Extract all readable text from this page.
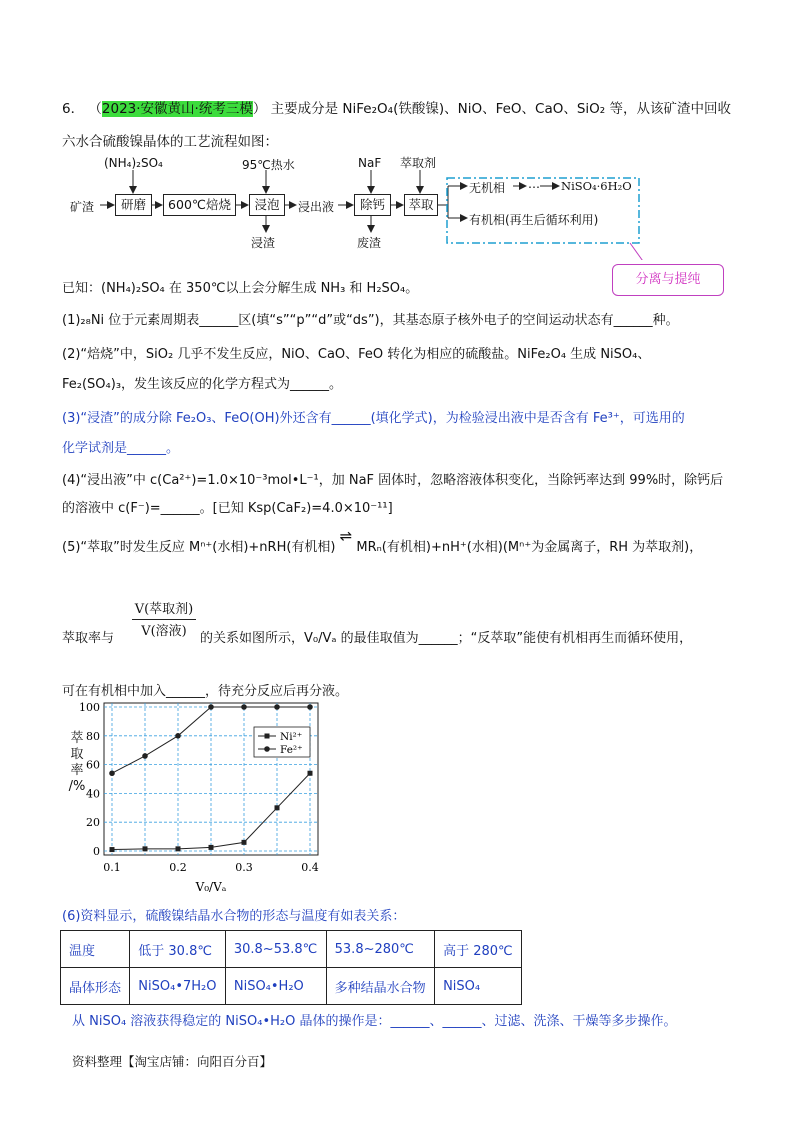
6． （2023·安徽黄山·统考三模） 主要成分是 NiFe₂O₄(铁酸镍)、NiO、FeO、CaO、SiO₂ 等，从该矿渣中回收
六水合硫酸镍晶体的工艺流程如图：
(NH₄)₂SO₄	95℃热水	NaF 萃取剂
矿渣	研磨	600℃焙烧	浸泡	浸出液	除钙	萃取
浸渣	废渣
无机相 … NiSO₄·6H₂O
有机相(再生后循环利用)
分离与提纯
已知：(NH₄)₂SO₄ 在 350℃以上会分解生成 NH₃ 和 H₂SO₄。
(1)₂₈Ni 位于元素周期表______区(填“s”“p”“d”或“ds”)，其基态原子核外电子的空间运动状态有______种。
(2)“焙烧”中，SiO₂ 几乎不发生反应，NiO、CaO、FeO 转化为相应的硫酸盐。NiFe₂O₄ 生成 NiSO₄、
Fe₂(SO₄)₃，发生该反应的化学方程式为______。
(3)“浸渣”的成分除 Fe₂O₃、FeO(OH)外还含有______(填化学式)，为检验浸出液中是否含有 Fe³⁺，可选用的
化学试剂是______。
(4)“浸出液”中 c(Ca²⁺)=1.0×10⁻³mol•L⁻¹，加 NaF 固体时，忽略溶液体积变化，当除钙率达到 99%时，除钙后
的溶液中 c(F⁻)=______。[已知 Ksp(CaF₂)=4.0×10⁻¹¹]
(5)“萃取”时发生反应 Mⁿ⁺(水相)+nRH(有机相) ⇌ MRₙ(有机相)+nH⁺(水相)(Mⁿ⁺为金属离子，RH 为萃取剂)，
萃取率与
V(萃取剂)
V(溶液)	的关系如图所示，V₀/Vₐ 的最佳取值为______；“反萃取”能使有机相再生而循环使用，
可在有机相中加入______，待充分反应后再分液。
0
20
40
60
80
100
0.1	0.2	0.3	0.4
V₀/Vₐ
Ni²⁺
Fe²⁺
萃
取
率
/%
(6)资料显示，硫酸镍结晶水合物的形态与温度有如表关系：
温度	低于 30.8℃	30.8~53.8℃	53.8~280℃	高于 280℃
晶体形态	NiSO₄•7H₂O	NiSO₄•H₂O	多种结晶水合物	NiSO₄
从 NiSO₄ 溶液获得稳定的 NiSO₄•H₂O 晶体的操作是：______、______、过滤、洗涤、干燥等多步操作。
资料整理【淘宝店铺：向阳百分百】
